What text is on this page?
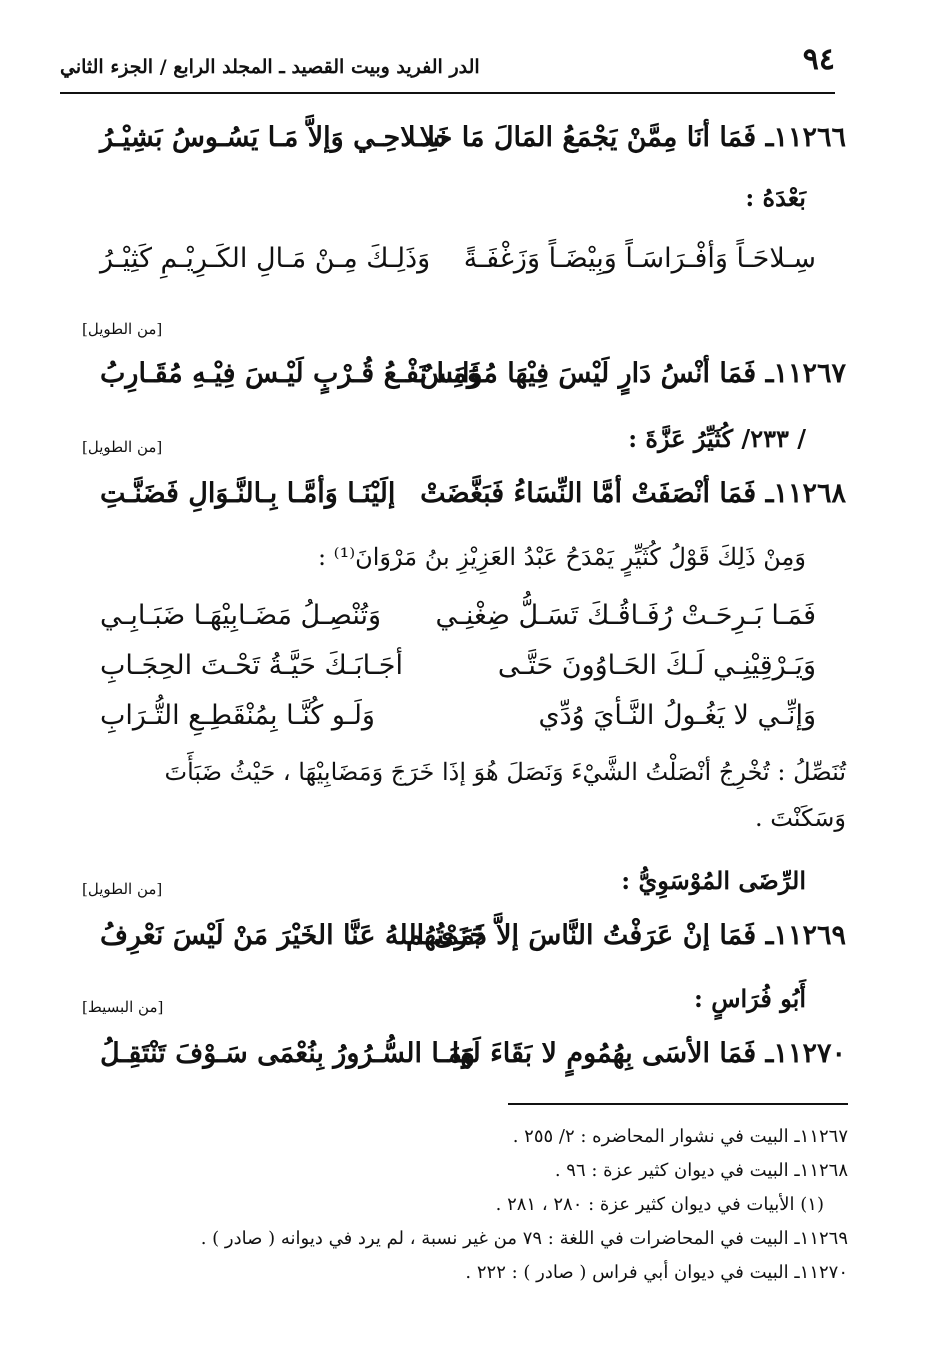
٩٤
الدر الفريد وبيت القصيد ـ المجلد الرابع / الجزء الثاني
١١٢٦٦ـ فَمَا أنَا مِمَّنْ يَجْمَعُ المَالَ مَا خَلا
سِـلاحِـي وَإلاَّ مَـا يَسُـوسُ بَشِيْـرُ
بَعْدَهُ :
سِـلاحَـاً وَأفْـرَاسَـاً وَبِيْضَـاً وَزَغْفَـةً
وَذَلِـكَ مِـنْ مَـالِ الكَـرِيْـمِ كَثِيْـرُ
[من الطويل]
١١٢٦٧ـ فَمَا أنْسُ دَارٍ لَيْسَ فِيْهَا مُؤَانِسٌ
وَمَـا نَفْـعُ قُـرْبٍ لَيْـسَ فِيْـهِ مُقَـارِبُ
/ ٢٣٣/ كُثَيِّرُ عَزَّةَ :
[من الطويل]
١١٢٦٨ـ فَمَا أنْصَفَتْ أمَّا النِّسَاءُ فَبَغَّضَتْ
إلَيْنَـا وَأمَّـا بِـالنَّـوَالِ فَضَنَّـتِ
وَمِنْ ذَلِكَ قَوْلُ كُثَيِّرٍ يَمْدَحُ عَبْدُ العَزِيْزِ بنُ مَرْوَانَ⁽¹⁾ :
فَمَـا بَـرِحَـتْ رُفَـاقُـكَ تَسَـلُّ ضِغْنِـي
وَتُنْصِـلُ مَضَـابِيْهَـا ضَبَـابِـي
وَيَـرْقِيْنِـي لَـكَ الحَـاوُونَ حَتَّـى
أجَـابَـكَ حَيَّـةُ تَحْـتَ الحِجَـابِ
وَإنِّـي لا يَغُـولُ النَّـأيَ وُدِّي
وَلَـو كُنَّـا بِمُنْقَطِـعِ التُّـرَابِ
تُنَصِّلُ : تُخْرِجُ أنْصَلْتُ الشَّيْءَ وَنَصَلَ هُوَ إذَا خَرَجَ وَمَضَابِيْهَا ، حَيْثُ ضَبَأَتَ
وَسَكَنْتَ .
الرِّضَى المُوْسَوِيُّ :
[من الطويل]
١١٢٦٩ـ فَمَا إنْ عَرَفْتُ النَّاسَ إلاَّ ذَمَمْتُهُم
جَزَى اللهُ عَنَّا الخَيْرَ مَنْ لَيْسَ نَعْرِفُ
أَبُو فُرَاسٍ :
[من البسيط]
١١٢٧٠ـ فَمَا الأسَى بِهُمُومٍ لا بَقَاءَ لَهَا
وَمَـا السُّـرُورُ بِنُعْمَى سَـوْفَ تَنْتَقِـلُ
١١٢٦٧ـ البيت في نشوار المحاضره : ٢/ ٢٥٥ .
١١٢٦٨ـ البيت في ديوان كثير عزة : ٩٦ .
(١) الأبيات في ديوان كثير عزة : ٢٨٠ ، ٢٨١ .
١١٢٦٩ـ البيت في المحاضرات في اللغة : ٧٩ من غير نسبة ، لم يرد في ديوانه ( صادر ) .
١١٢٧٠ـ البيت في ديوان أبي فراس ( صادر ) : ٢٢٢ .
